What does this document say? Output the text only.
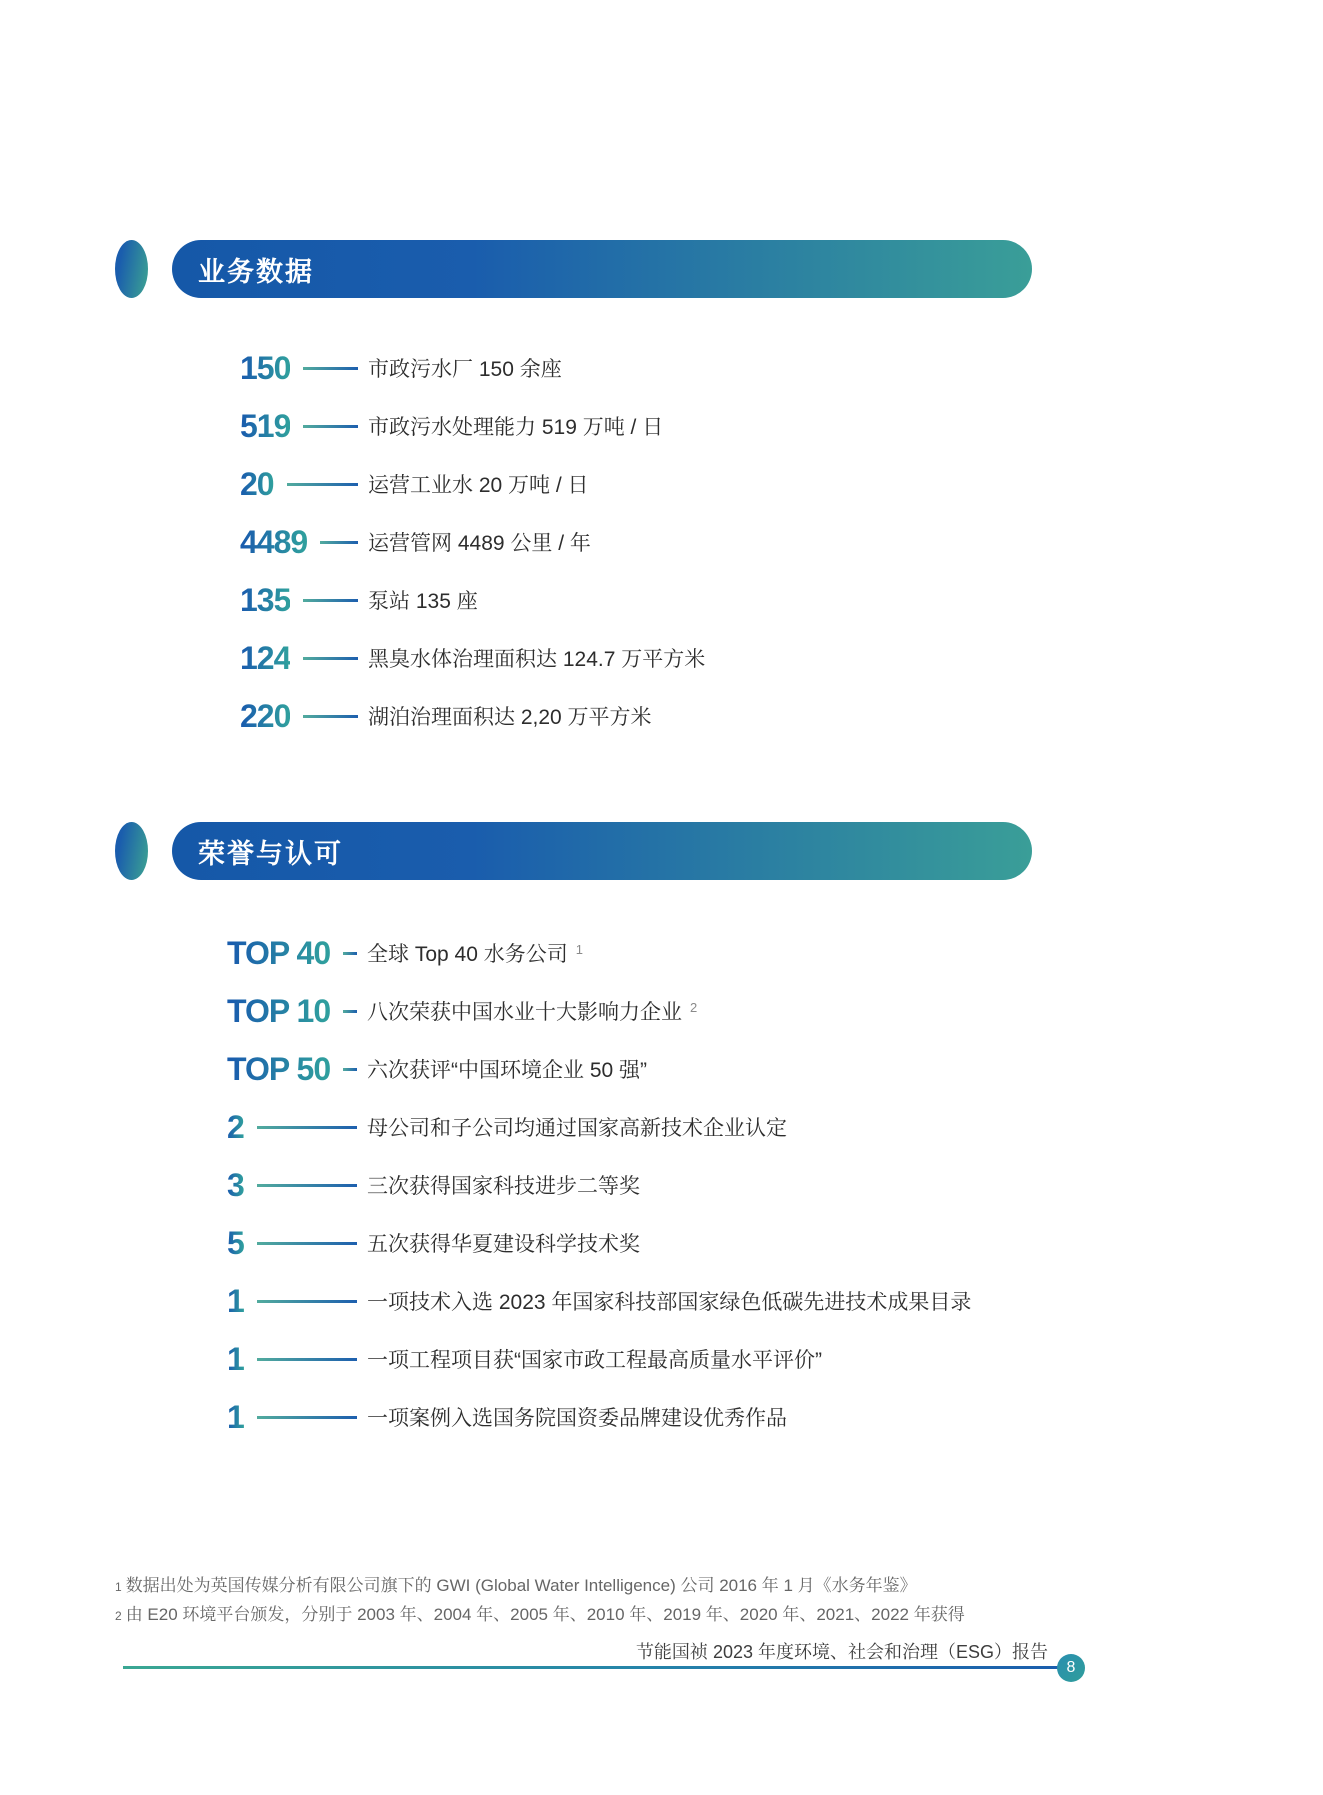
业务数据
150	市政污水厂 150 余座
519	市政污水处理能力 519 万吨 / 日
20	运营工业水 20 万吨 / 日
4489	运营管网 4489 公里 / 年
135	泵站 135 座
124	黑臭水体治理面积达 124.7 万平方米
220	湖泊治理面积达 2,20 万平方米
荣誉与认可
TOP 40 全球 Top 40 水务公司 $^1$
TOP 10 八次荣获中国水业十大影响力企业 $^2$
TOP 50 六次获评“中国环境企业 50 强”
2	母公司和子公司均通过国家高新技术企业认定
3	三次获得国家科技进步二等奖
5	五次获得华夏建设科学技术奖
1	一项技术入选 2023 年国家科技部国家绿色低碳先进技术成果目录
1	一项工程项目获“国家市政工程最高质量水平评价”
1	一项案例入选国务院国资委品牌建设优秀作品
1 数据出处为英国传媒分析有限公司旗下的 GWI (Global Water Intelligence) 公司 2016 年 1 月《水务年鉴》
2 由 E20 环境平台颁发，分别于 2003 年、2004 年、2005 年、2010 年、2019 年、2020 年、2021、2022 年获得
节能国祯 2023 年度环境、社会和治理（ESG）报告
8
